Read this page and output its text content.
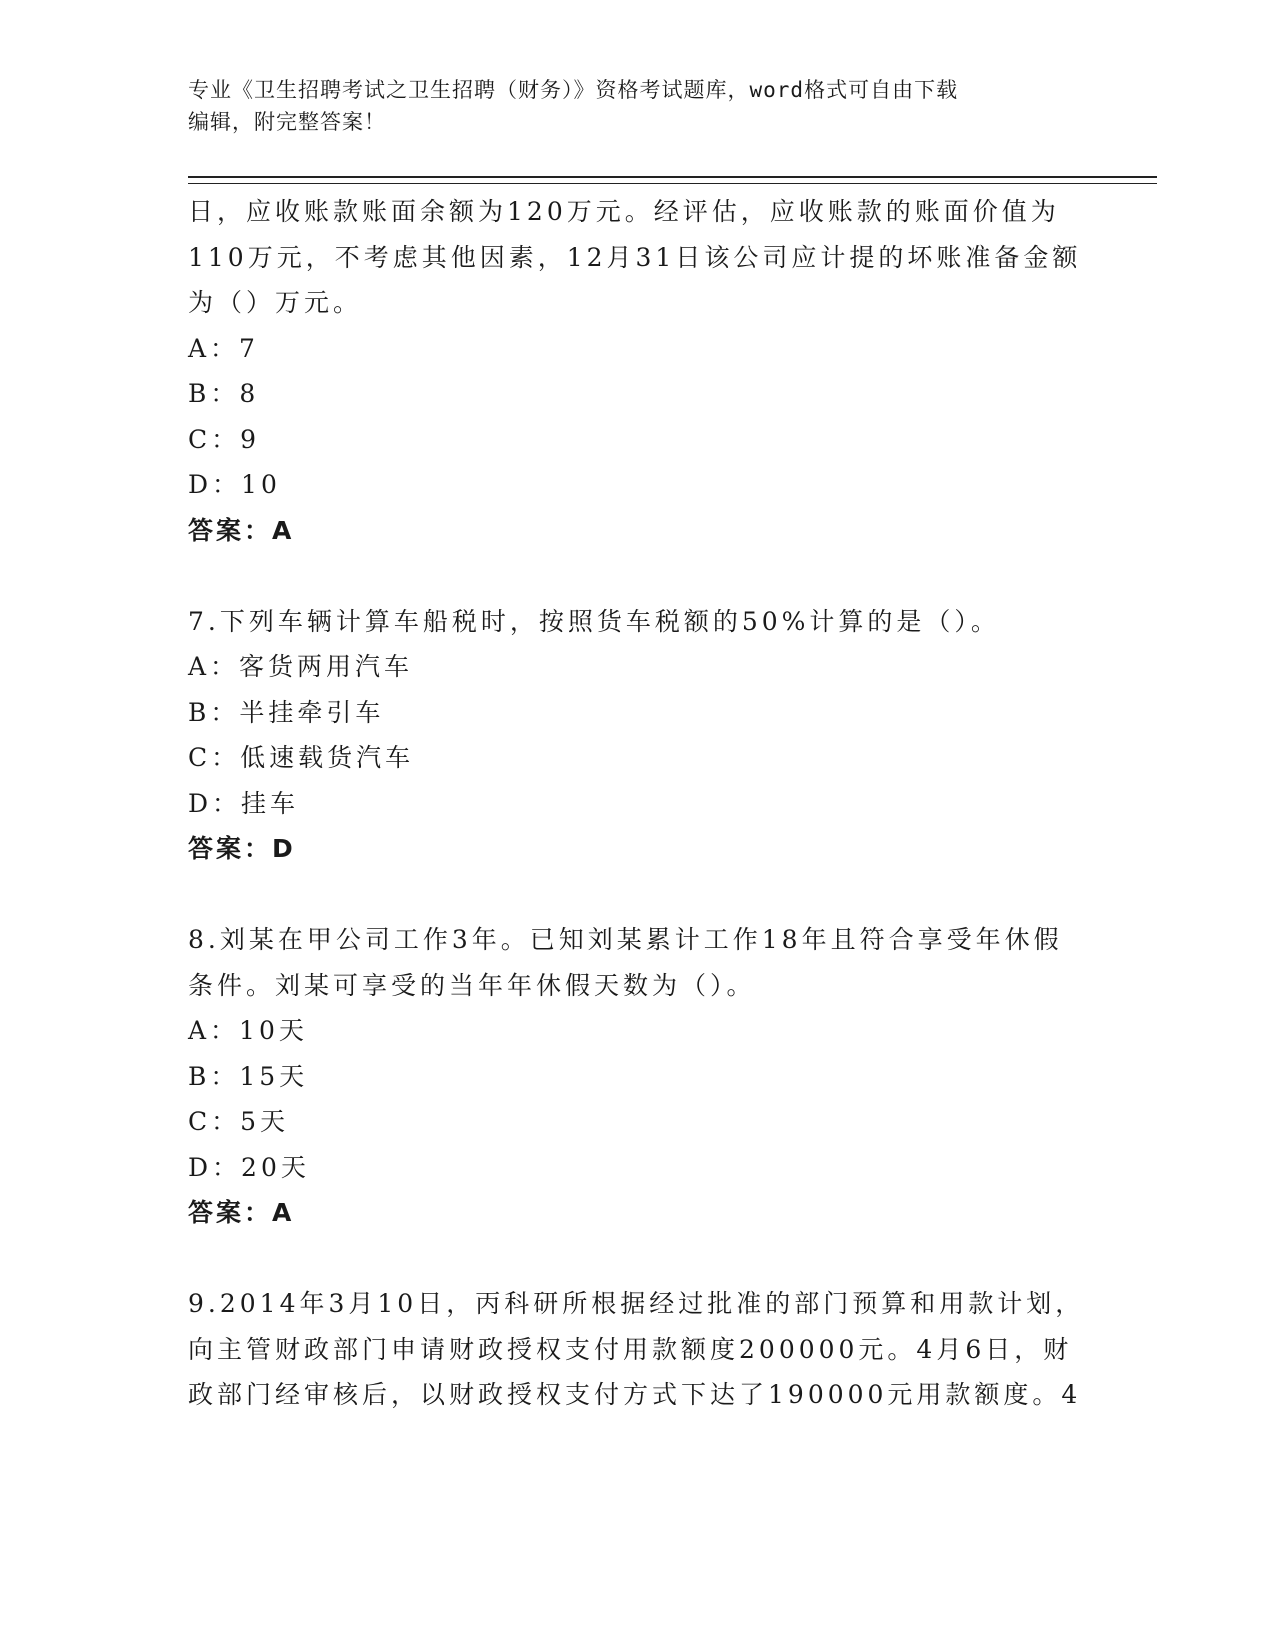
专业《卫生招聘考试之卫生招聘（财务）》资格考试题库，word格式可自由下载
编辑，附完整答案！
日，应收账款账面余额为120万元。经评估，应收账款的账面价值为
110万元，不考虑其他因素，12月31日该公司应计提的坏账准备金额
为（）万元。
A：7
B：8
C：9
D：10
答案：A
7.下列车辆计算车船税时，按照货车税额的50%计算的是（）。
A：客货两用汽车
B：半挂牵引车
C：低速载货汽车
D：挂车
答案：D
8.刘某在甲公司工作3年。已知刘某累计工作18年且符合享受年休假
条件。刘某可享受的当年年休假天数为（）。
A：10天
B：15天
C：5天
D：20天
答案：A
9.2014年3月10日，丙科研所根据经过批准的部门预算和用款计划，
向主管财政部门申请财政授权支付用款额度200000元。4月6日，财
政部门经审核后，以财政授权支付方式下达了190000元用款额度。4
